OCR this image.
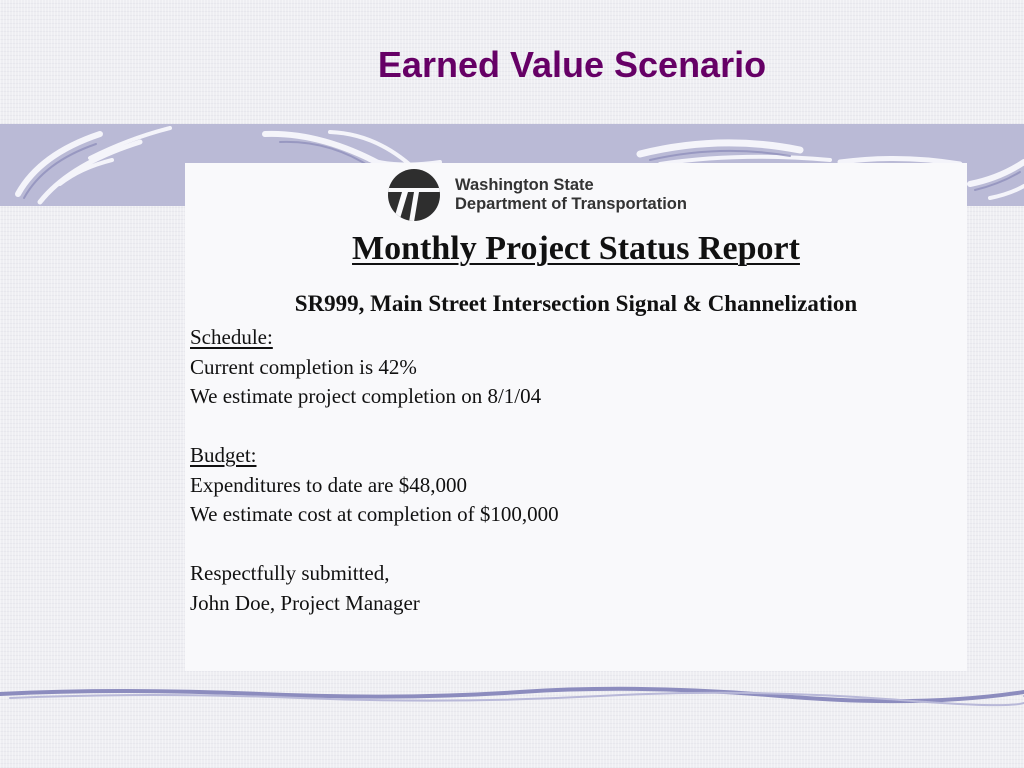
Earned Value Scenario
Washington State
Department of Transportation
Monthly Project Status Report
SR999, Main Street Intersection Signal & Channelization
Schedule:
Current completion is 42%
We estimate project completion on 8/1/04
Budget:
Expenditures to date are $48,000
We estimate cost at completion of $100,000
Respectfully submitted,
John Doe, Project Manager
